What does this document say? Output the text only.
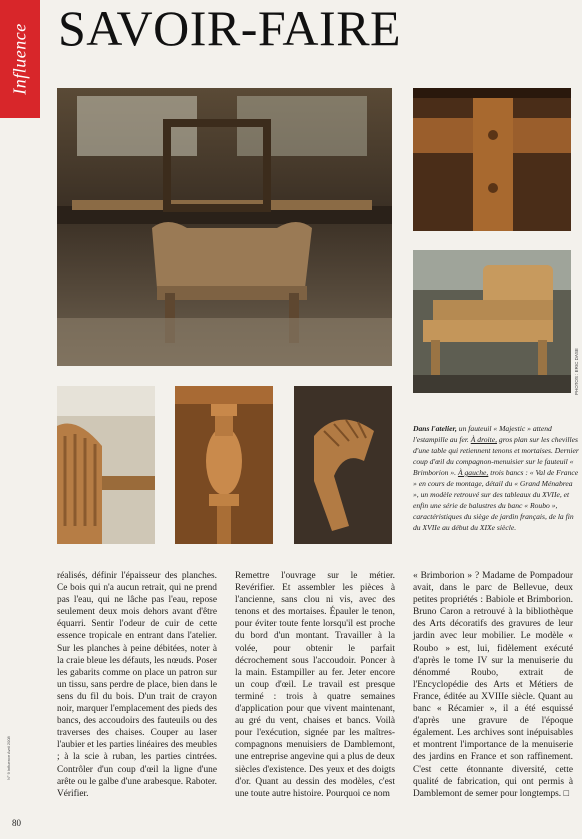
Influence SAVOIR-FAIRE
Dans l'atelier, un fauteuil « Majestic » attend l'estampille au fer. À droite, gros plan sur les chevilles d'une table qui retiennent tenons et mortaises. Dernier coup d'œil du compagnon-menuisier sur le fauteuil « Brimborion ». À gauche, trois bancs : « Val de France » en cours de montage, détail du « Grand Ménabrea », un modèle retrouvé sur des tableaux du XVIIe, et enfin une série de balustres du banc « Roubo », caractéristiques du siège de jardin français, de la fin du XVIIe au début du XIXe siècle.
PHOTOS : ERIC DASE

réalisés, définir l'épaisseur des planches. Ce bois qui n'a aucun retrait, qui ne prend pas l'eau, qui ne lâche pas l'eau, repose seulement deux mois dehors avant d'être équarri. Sentir l'odeur de cuir de cette essence tropicale en entrant dans l'atelier. Sur les planches à peine débitées, noter à la craie bleue les défauts, les nœuds. Poser les gabarits comme on place un patron sur un tissu, sans perdre de place, bien dans le sens du fil du bois. D'un trait de crayon noir, marquer l'emplacement des pieds des bancs, des accoudoirs des fauteuils ou des traverses des chaises. Couper au laser l'aubier et les parties linéaires des meubles ; à la scie à ruban, les parties cintrées. Contrôler d'un coup d'œil la ligne d'une arête ou le galbe d'une arabesque. Raboter. Vérifier.

Remettre l'ouvrage sur le métier. Revérifier. Et assembler les pièces à l'ancienne, sans clou ni vis, avec des tenons et des mortaises. Épauler le tenon, pour éviter toute fente lorsqu'il est proche du bord d'un montant. Travailler à la volée, pour obtenir le parfait décrochement sous l'accoudoir. Poncer à la main. Estampiller au fer. Jeter encore un coup d'œil. Le travail est presque terminé : trois à quatre semaines d'application pour que vivent maintenant, au gré du vent, chaises et bancs. Voilà pour l'exécution, signée par les maîtres-compagnons menuisiers de Damblemont, une entreprise angevine qui a plus de deux siècles d'existence. Des yeux et des doigts d'or. Quant au dessin des modèles, c'est une toute autre histoire. Pourquoi ce nom

« Brimborion » ? Madame de Pompadour avait, dans le parc de Bellevue, deux petites propriétés : Babiole et Brimborion. Bruno Caron a retrouvé à la bibliothèque des Arts décoratifs des gravures de leur jardin avec leur mobilier. Le modèle « Roubo » est, lui, fidèlement exécuté d'après le tome IV sur la menuiserie du dénommé Roubo, extrait de l'Encyclopédie des Arts et Métiers de France, éditée au XVIIIe siècle. Quant au banc « Récamier », il a été esquissé d'après une gravure de l'époque également. Les archives sont inépuisables et montrent l'importance de la menuiserie des jardins en France et son raffinement. C'est cette étonnante diversité, cette qualité de fabrication, qui ont permis à Damblemont de semer pour longtemps. □

N° 9 Influence Avril 2008
80
